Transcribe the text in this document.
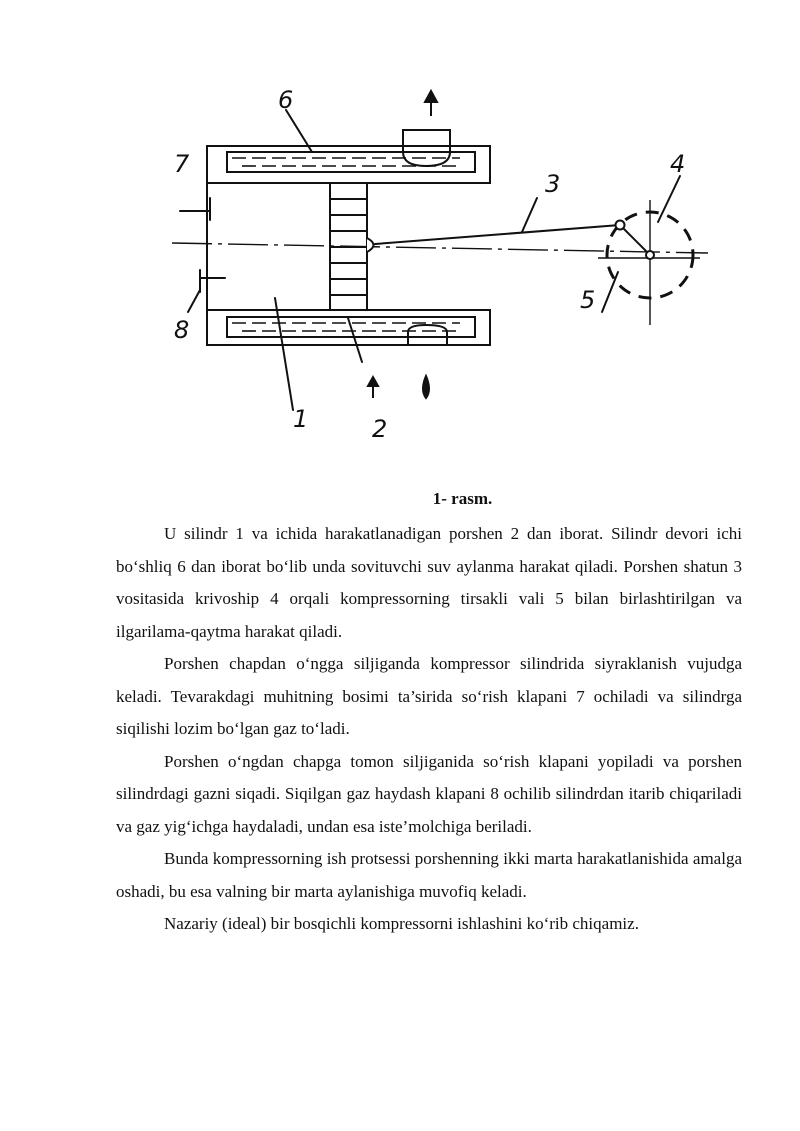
6
7
3
4
5
8
1	2
1- rasm.

U silindr 1 va ichida harakatlanadigan porshen 2 dan iborat. Silindr devori ichi boʻshliq 6 dan iborat boʻlib unda sovituvchi suv aylanma harakat qiladi. Porshen shatun 3 vositasida krivoship 4 orqali kompressorning tirsakli vali 5 bilan birlashtirilgan va ilgarilama-qaytma harakat qiladi.

Porshen chapdan oʻngga siljiganda kompressor silindrida siyraklanish vujudga keladi. Tevarakdagi muhitning bosimi ta’sirida soʻrish klapani 7 ochiladi va silindrga siqilishi lozim boʻlgan gaz toʻladi.

Porshen oʻngdan chapga tomon siljiganida soʻrish klapani yopiladi va porshen silindrdagi gazni siqadi. Siqilgan gaz haydash klapani 8 ochilib silindrdan itarib chiqariladi va gaz yigʻichga haydaladi, undan esa iste’molchiga beriladi.

Bunda kompressorning ish protsessi porshenning ikki marta harakatlanishida amalga oshadi, bu esa valning bir marta aylanishiga muvofiq keladi.

Nazariy (ideal) bir bosqichli kompressorni ishlashini koʻrib chiqamiz.
